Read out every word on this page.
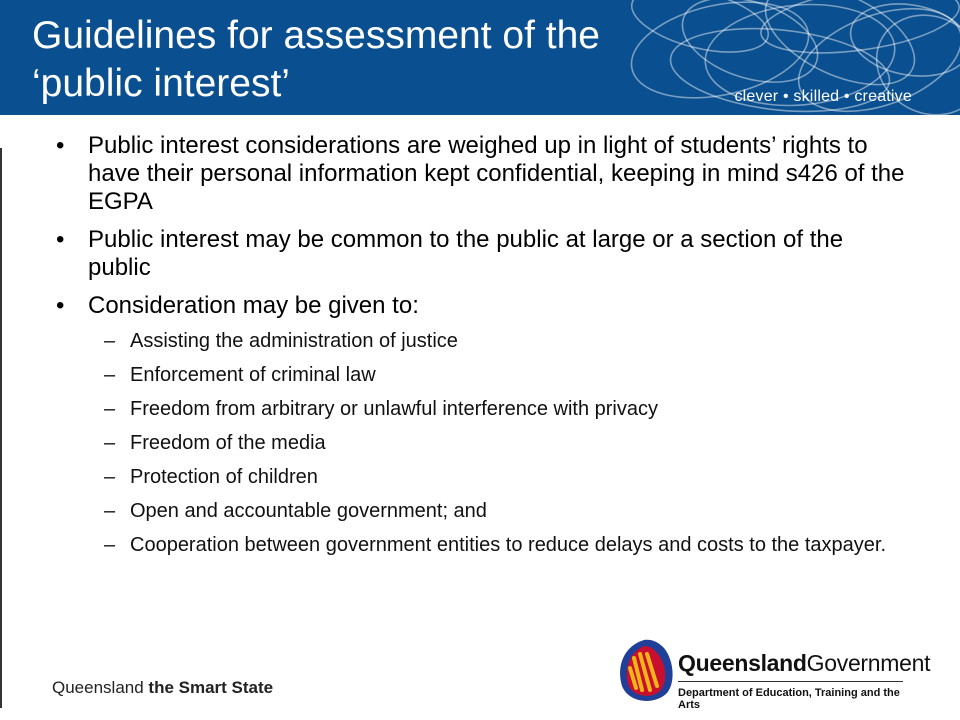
Guidelines for assessment of the
‘public interest’	clever • skilled • creative
• Public interest considerations are weighed up in light of students’ rights to have their personal information kept confidential, keeping in mind s426 of the EGPA
• Public interest may be common to the public at large or a section of the public
• Consideration may be given to:
– Assisting the administration of justice
– Enforcement of criminal law
– Freedom from arbitrary or unlawful interference with privacy
– Freedom of the media
– Protection of children
– Open and accountable government; and
– Cooperation between government entities to reduce delays and costs to the taxpayer.
Queensland the Smart State
QueenslandGovernment
Department of Education, Training and the Arts
